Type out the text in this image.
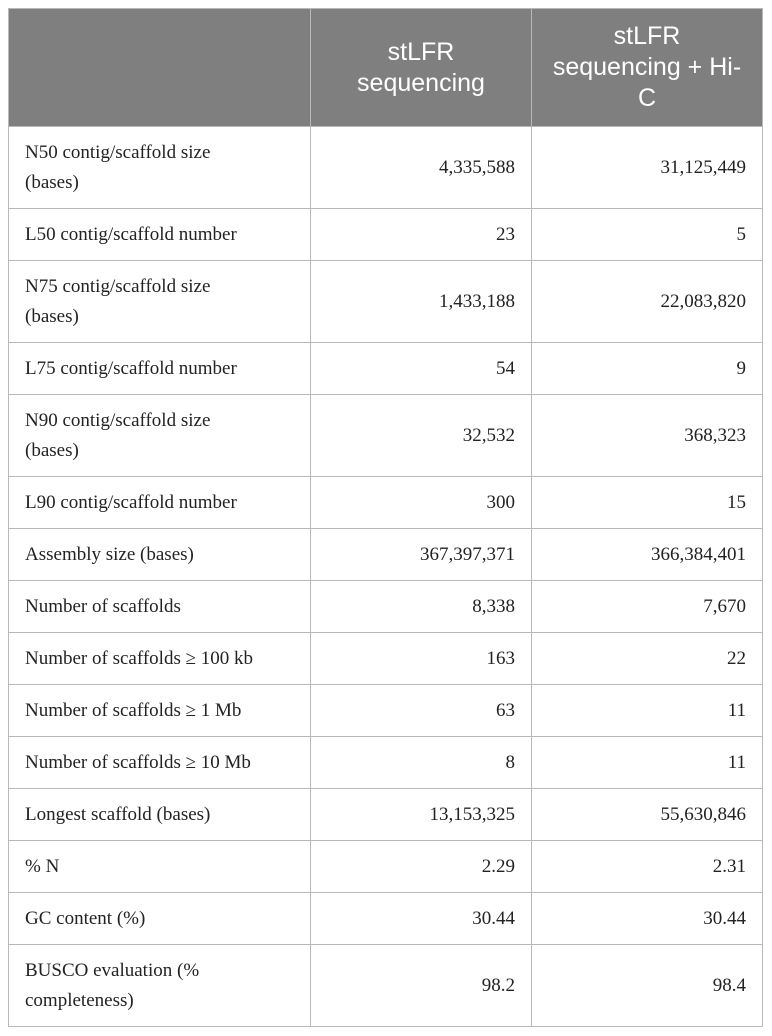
	stLFR sequencing	stLFR sequencing + Hi-C

N50 contig/scaffold size (bases)	4,335,588	31,125,449
L50 contig/scaffold number	23	5

N75 contig/scaffold size (bases)	1,433,188	22,083,820
L75 contig/scaffold number	54	9

N90 contig/scaffold size (bases)	32,532	368,323
L90 contig/scaffold number	300	15
Assembly size (bases)	367,397,371	366,384,401
Number of scaffolds	8,338	7,670
Number of scaffolds ≥ 100 kb	163	22
Number of scaffolds ≥ 1 Mb	63	11
Number of scaffolds ≥ 10 Mb	8	11
Longest scaffold (bases)	13,153,325	55,630,846
% N	2.29	2.31
GC content (%)	30.44	30.44

BUSCO evaluation (% completeness)	98.2	98.4
